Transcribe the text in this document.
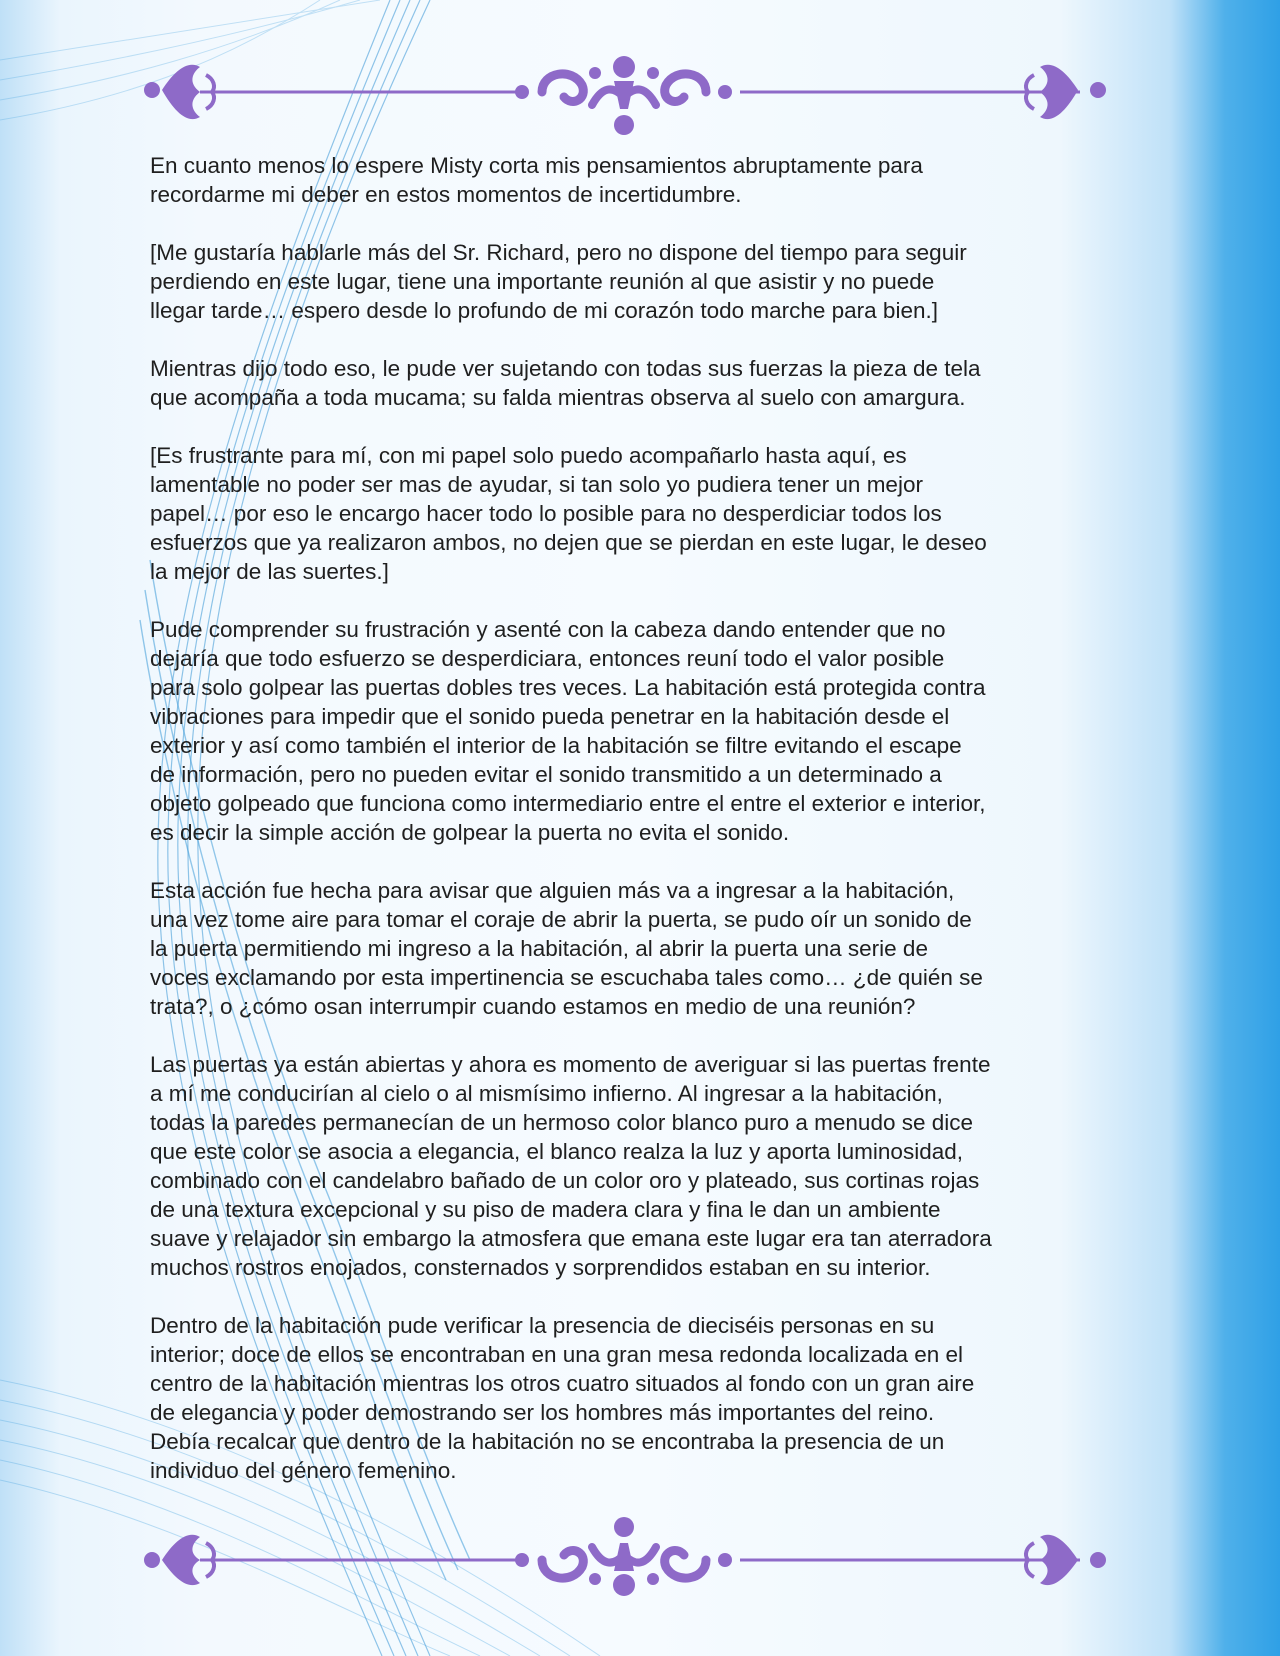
En cuanto menos lo espere Misty corta mis pensamientos abruptamente para
recordarme mi deber en estos momentos de incertidumbre.

[Me gustaría hablarle más del Sr. Richard, pero no dispone del tiempo para seguir
perdiendo en este lugar, tiene una importante reunión al que asistir y no puede
llegar tarde… espero desde lo profundo de mi corazón todo marche para bien.]

Mientras dijo todo eso, le pude ver sujetando con todas sus fuerzas la pieza de tela
que acompaña a toda mucama; su falda mientras observa al suelo con amargura.

[Es frustrante para mí, con mi papel solo puedo acompañarlo hasta aquí, es
lamentable no poder ser mas de ayudar, si tan solo yo pudiera tener un mejor
papel… por eso le encargo hacer todo lo posible para no desperdiciar todos los
esfuerzos que ya realizaron ambos, no dejen que se pierdan en este lugar, le deseo
la mejor de las suertes.]

Pude comprender su frustración y asenté con la cabeza dando entender que no
dejaría que todo esfuerzo se desperdiciara, entonces reuní todo el valor posible
para solo golpear las puertas dobles tres veces. La habitación está protegida contra
vibraciones para impedir que el sonido pueda penetrar en la habitación desde el
exterior y así como también el interior de la habitación se filtre evitando el escape
de información, pero no pueden evitar el sonido transmitido a un determinado a
objeto golpeado que funciona como intermediario entre el entre el exterior e interior,
es decir la simple acción de golpear la puerta no evita el sonido.

Esta acción fue hecha para avisar que alguien más va a ingresar a la habitación,
una vez tome aire para tomar el coraje de abrir la puerta, se pudo oír un sonido de
la puerta permitiendo mi ingreso a la habitación, al abrir la puerta una serie de
voces exclamando por esta impertinencia se escuchaba tales como… ¿de quién se
trata?, o ¿cómo osan interrumpir cuando estamos en medio de una reunión?

Las puertas ya están abiertas y ahora es momento de averiguar si las puertas frente
a mí me conducirían al cielo o al mismísimo infierno. Al ingresar a la habitación,
todas la paredes permanecían de un hermoso color blanco puro a menudo se dice
que este color se asocia a elegancia, el blanco realza la luz y aporta luminosidad,
combinado con el candelabro bañado de un color oro y plateado, sus cortinas rojas
de una textura excepcional y su piso de madera clara y fina le dan un ambiente
suave y relajador sin embargo la atmosfera que emana este lugar era tan aterradora
muchos rostros enojados, consternados y sorprendidos estaban en su interior.

Dentro de la habitación pude verificar la presencia de dieciséis personas en su
interior; doce de ellos se encontraban en una gran mesa redonda localizada en el
centro de la habitación mientras los otros cuatro situados al fondo con un gran aire
de elegancia y poder demostrando ser los hombres más importantes del reino.
Debía recalcar que dentro de la habitación no se encontraba la presencia de un
individuo del género femenino.
